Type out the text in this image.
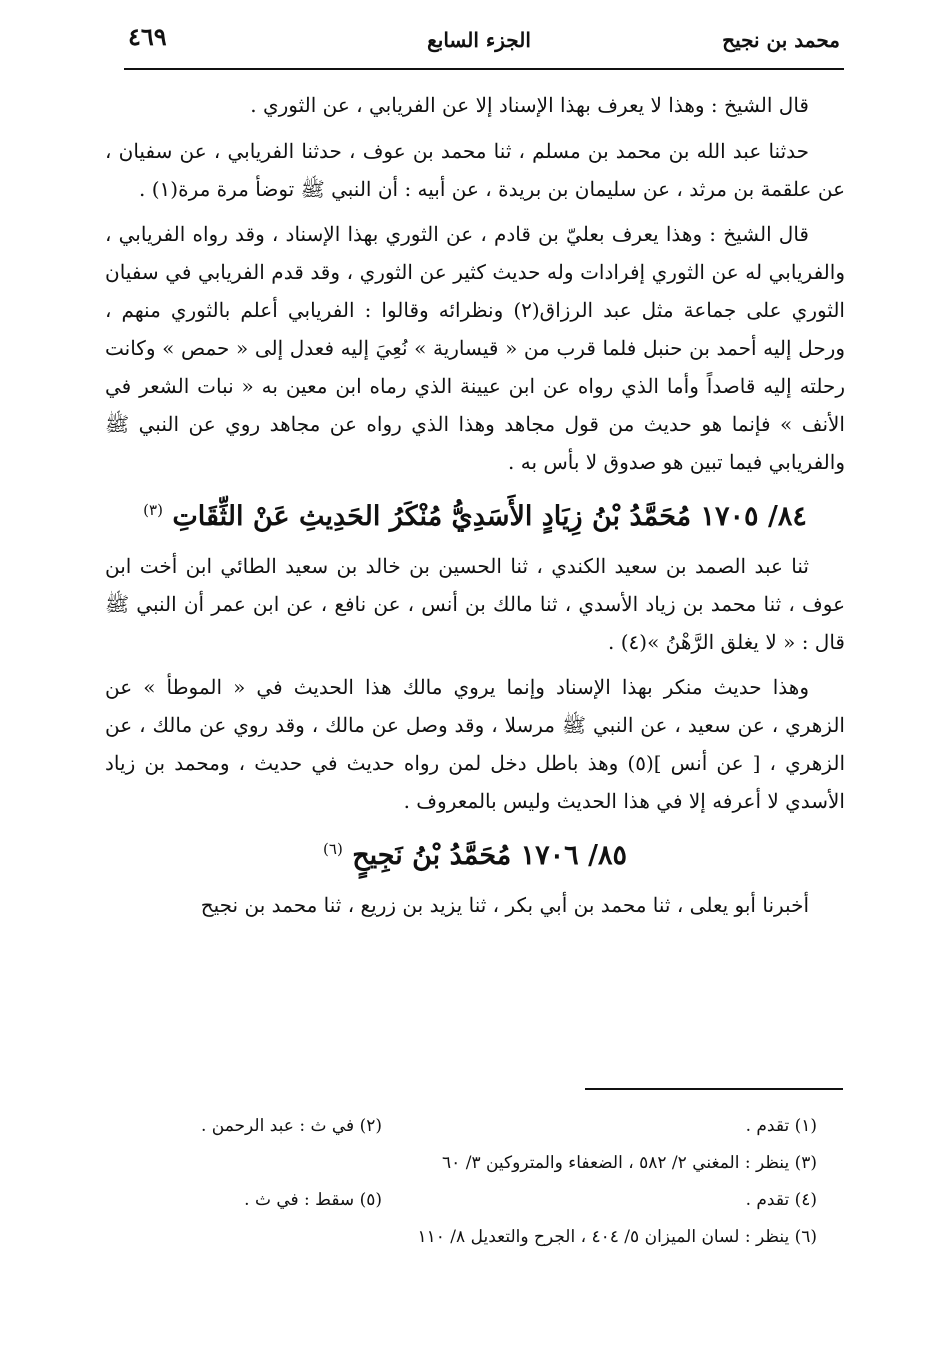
محمد بن نجيح
الجزء السابع
٤٦٩

قال الشيخ : وهذا لا يعرف بهذا الإسناد إلا عن الفريابي ، عن الثوري .

حدثنا عبد الله بن محمد بن مسلم ، ثنا محمد بن عوف ، حدثنا الفريابي ، عن سفيان ، عن علقمة بن مرثد ، عن سليمان بن بريدة ، عن أبيه : أن النبي ﷺ توضأ مرة مرة(١) .

قال الشيخ : وهذا يعرف بعليّ بن قادم ، عن الثوري بهذا الإسناد ، وقد رواه الفريابي ، والفريابي له عن الثوري إفرادات وله حديث كثير عن الثوري ، وقد قدم الفريابي في سفيان الثوري على جماعة مثل عبد الرزاق(٢) ونظرائه وقالوا : الفريابي أعلم بالثوري منهم ، ورحل إليه أحمد بن حنبل فلما قرب من « قيسارية » نُعِيَ إليه فعدل إلى « حمص » وكانت رحلته إليه قاصداً وأما الذي رواه عن ابن عيينة الذي رماه ابن معين به « نبات الشعر في الأنف » فإنما هو حديث من قول مجاهد وهذا الذي رواه عن مجاهد روي عن النبي ﷺ والفريابي فيما تبين هو صدوق لا بأس به .

٨٤/ ١٧٠٥ مُحَمَّدُ بْنُ زِيَادٍ الأَسَدِيُّ مُنْكَرُ الحَدِيثِ عَنْ الثِّقَاتِ $^{(٣)}$

ثنا عبد الصمد بن سعيد الكندي ، ثنا الحسين بن خالد بن سعيد الطائي ابن أخت ابن عوف ، ثنا محمد بن زياد الأسدي ، ثنا مالك بن أنس ، عن نافع ، عن ابن عمر أن النبي ﷺ قال : « لا يغلق الرَّهْنُ »(٤) .

وهذا حديث منكر بهذا الإسناد وإنما يروي مالك هذا الحديث في « الموطأ » عن الزهري ، عن سعيد ، عن النبي ﷺ مرسلا ، وقد وصل عن مالك ، وقد روي عن مالك ، عن الزهري ، [ عن أنس ](٥) وهذ باطل دخل لمن رواه حديث في حديث ، ومحمد بن زياد الأسدي لا أعرفه إلا في هذا الحديث وليس بالمعروف .

٨٥/ ١٧٠٦ مُحَمَّدُ بْنُ نَجِيحٍ $^{(٦)}$

أخبرنا أبو يعلى ، ثنا محمد بن أبي بكر ، ثنا يزيد بن زريع ، ثنا محمد بن نجيح

(١) تقدم .
(٢) في ث : عبد الرحمن .
(٣) ينظر : المغني ٢/ ٥٨٢ ، الضعفاء والمتروكين ٣/ ٦٠
(٤) تقدم .
(٥) سقط : في ث .
(٦) ينظر : لسان الميزان ٥/ ٤٠٤ ، الجرح والتعديل ٨/ ١١٠
